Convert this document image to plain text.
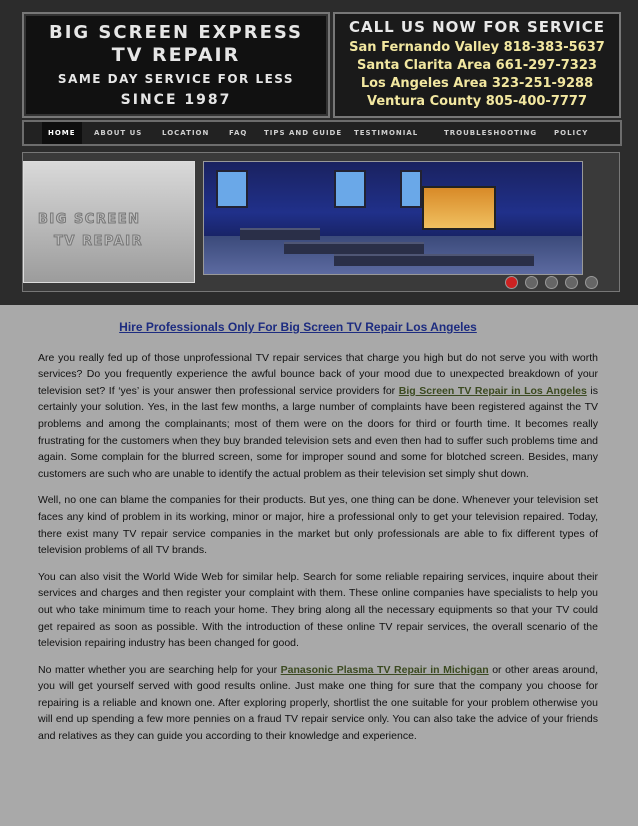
BIG SCREEN EXPRESS
TV REPAIR
SAME DAY SERVICE FOR LESS
SINCE 1987
CALL US NOW FOR SERVICE
San Fernando Valley 818-383-5637
Santa Clarita Area 661-297-7323
Los Angeles Area 323-251-9288
Ventura County 805-400-7777
HOME	ABOUT US	LOCATION	FAQ TIPS AND GUIDE TESTIMONIAL	TROUBLESHOOTING POLICY
BIG SCREEN
TV REPAIR
Hire Professionals Only For Big Screen TV Repair Los Angeles

Are you really fed up of those unprofessional TV repair services that charge you high but do not serve you with worth services? Do you frequently experience the awful bounce back of your mood due to unexpected breakdown of your television set? If ‘yes’ is your answer then professional service providers for Big Screen TV Repair in Los Angeles is certainly your solution. Yes, in the last few months, a large number of complaints have been registered against the TV problems and among the complainants; most of them were on the doors for third or fourth time. It becomes really frustrating for the customers when they buy branded television sets and even then had to suffer such problems time and again. Some complain for the blurred screen, some for improper sound and some for blotched screen. Besides, many customers are such who are unable to identify the actual problem as their television set simply shut down.

Well, no one can blame the companies for their products. But yes, one thing can be done. Whenever your television set faces any kind of problem in its working, minor or major, hire a professional only to get your television repaired. Today, there exist many TV repair service companies in the market but only professionals are able to fix different types of television problems of all TV brands.

You can also visit the World Wide Web for similar help. Search for some reliable repairing services, inquire about their services and charges and then register your complaint with them. These online companies have specialists to help you out who take minimum time to reach your home. They bring along all the necessary equipments so that your TV could get repaired as soon as possible. With the introduction of these online TV repair services, the overall scenario of the television repairing industry has been changed for good.

No matter whether you are searching help for your Panasonic Plasma TV Repair in Michigan or other areas around, you will get yourself served with good results online. Just make one thing for sure that the company you choose for repairing is a reliable and known one. After exploring properly, shortlist the one suitable for your problem otherwise you will end up spending a few more pennies on a fraud TV repair service only. You can also take the advice of your friends and relatives as they can guide you according to their knowledge and experience.
